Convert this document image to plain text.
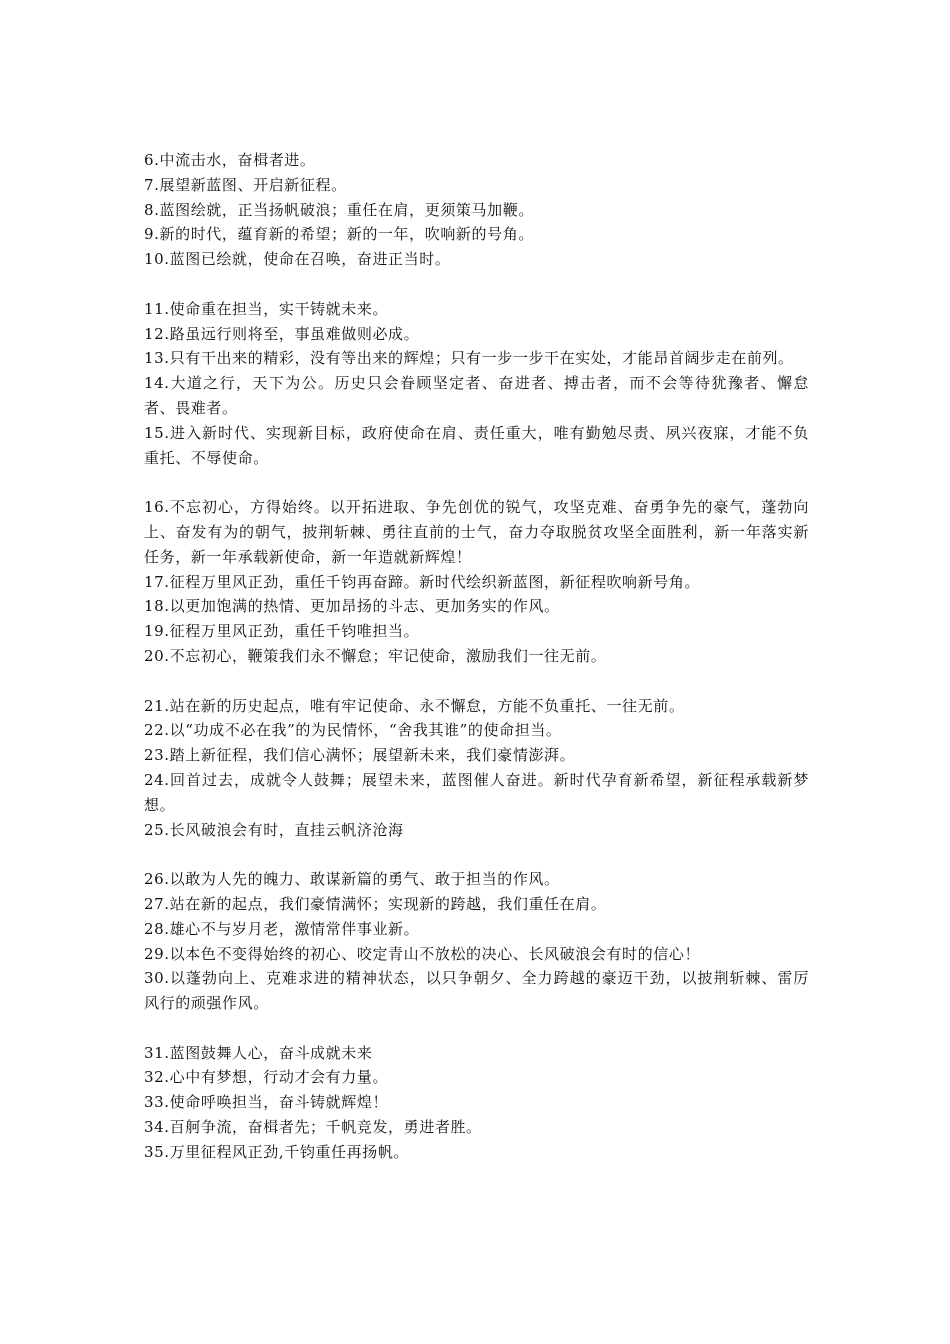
6.中流击水，奋楫者进。

7.展望新蓝图、开启新征程。

8.蓝图绘就，正当扬帆破浪；重任在肩，更须策马加鞭。

9.新的时代，蕴育新的希望；新的一年，吹响新的号角。

10.蓝图已绘就，使命在召唤，奋进正当时。

11.使命重在担当，实干铸就未来。

12.路虽远行则将至，事虽难做则必成。

13.只有干出来的精彩，没有等出来的辉煌；只有一步一步干在实处，才能昂首阔步走在前列。

14.大道之行，天下为公。历史只会眷顾坚定者、奋进者、搏击者，而不会等待犹豫者、懈怠者、畏难者。

15.进入新时代、实现新目标，政府使命在肩、责任重大，唯有勤勉尽责、夙兴夜寐，才能不负重托、不辱使命。

16.不忘初心，方得始终。以开拓进取、争先创优的锐气，攻坚克难、奋勇争先的豪气，蓬勃向上、奋发有为的朝气，披荆斩棘、勇往直前的士气，奋力夺取脱贫攻坚全面胜利，新一年落实新任务，新一年承载新使命，新一年造就新辉煌！

17.征程万里风正劲，重任千钧再奋蹄。新时代绘织新蓝图，新征程吹响新号角。

18.以更加饱满的热情、更加昂扬的斗志、更加务实的作风。

19.征程万里风正劲，重任千钧唯担当。

20.不忘初心，鞭策我们永不懈怠；牢记使命，激励我们一往无前。

21.站在新的历史起点，唯有牢记使命、永不懈怠，方能不负重托、一往无前。

22.以“功成不必在我”的为民情怀，“舍我其谁”的使命担当。

23.踏上新征程，我们信心满怀；展望新未来，我们豪情澎湃。

24.回首过去，成就令人鼓舞；展望未来，蓝图催人奋进。新时代孕育新希望，新征程承载新梦想。

25.长风破浪会有时，直挂云帆济沧海

26.以敢为人先的魄力、敢谋新篇的勇气、敢于担当的作风。

27.站在新的起点，我们豪情满怀；实现新的跨越，我们重任在肩。

28.雄心不与岁月老，激情常伴事业新。

29.以本色不变得始终的初心、咬定青山不放松的决心、长风破浪会有时的信心！

30.以蓬勃向上、克难求进的精神状态，以只争朝夕、全力跨越的豪迈干劲，以披荆斩棘、雷厉风行的顽强作风。

31.蓝图鼓舞人心，奋斗成就未来

32.心中有梦想，行动才会有力量。

33.使命呼唤担当，奋斗铸就辉煌！

34.百舸争流，奋楫者先；千帆竞发，勇进者胜。

35.万里征程风正劲,千钧重任再扬帆。
